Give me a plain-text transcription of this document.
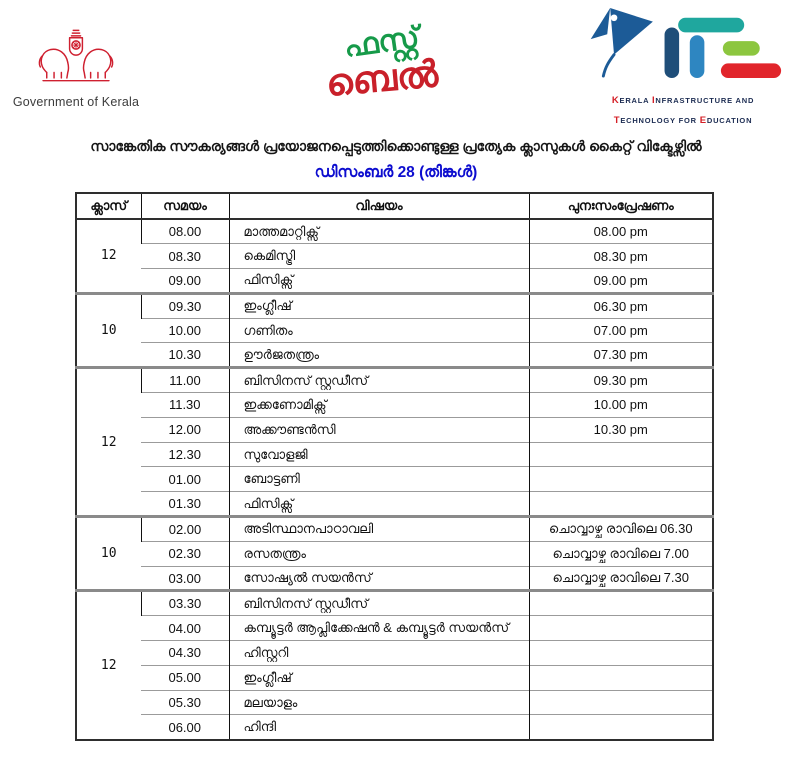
Government of Kerala
ഫസ്റ്റ്
ബെൽ	KERALA INFRASTRUCTURE AND
TECHNOLOGY FOR EDUCATION
സാങ്കേതിക സൗകര്യങ്ങൾ പ്രയോജനപ്പെടുത്തിക്കൊണ്ടുള്ള പ്രത്യേക ക്ലാസുകൾ കൈറ്റ് വിക്ടേഴ്സിൽ
ഡിസംബർ 28 (തിങ്കൾ)
ക്ലാസ്	സമയം	വിഷയം	പുനഃസംപ്രേഷണം
12	08.00	മാത്തമാറ്റിക്സ്	08.00 pm
	08.30	കെമിസ്ട്രി	08.30 pm
	09.00	ഫിസിക്സ്	09.00 pm
10	09.30	ഇംഗ്ലീഷ്	06.30 pm
	10.00	ഗണിതം	07.00 pm
	10.30	ഊർജതന്ത്രം	07.30 pm
12	11.00	ബിസിനസ് സ്റ്റഡീസ്	09.30 pm
	11.30	ഇക്കണോമിക്സ്	10.00 pm
	12.00	അക്കൗണ്ടൻസി	10.30 pm
	12.30	സുവോളജി	
	01.00	ബോട്ടണി	
	01.30	ഫിസിക്സ്	
10	02.00	അടിസ്ഥാനപാഠാവലി	ചൊവ്വാഴ്ച രാവിലെ 06.30
	02.30	രസതന്ത്രം	ചൊവ്വാഴ്ച രാവിലെ 7.00
	03.00	സോഷ്യൽ സയൻസ്	ചൊവ്വാഴ്ച രാവിലെ 7.30
12	03.30	ബിസിനസ് സ്റ്റഡീസ്	
	04.00	കമ്പ്യൂട്ടർ ആപ്ലിക്കേഷൻ & കമ്പ്യൂട്ടർ സയൻസ്	
	04.30	ഹിസ്റ്ററി	
	05.00	ഇംഗ്ലീഷ്	
	05.30	മലയാളം	
	06.00	ഹിന്ദി	
